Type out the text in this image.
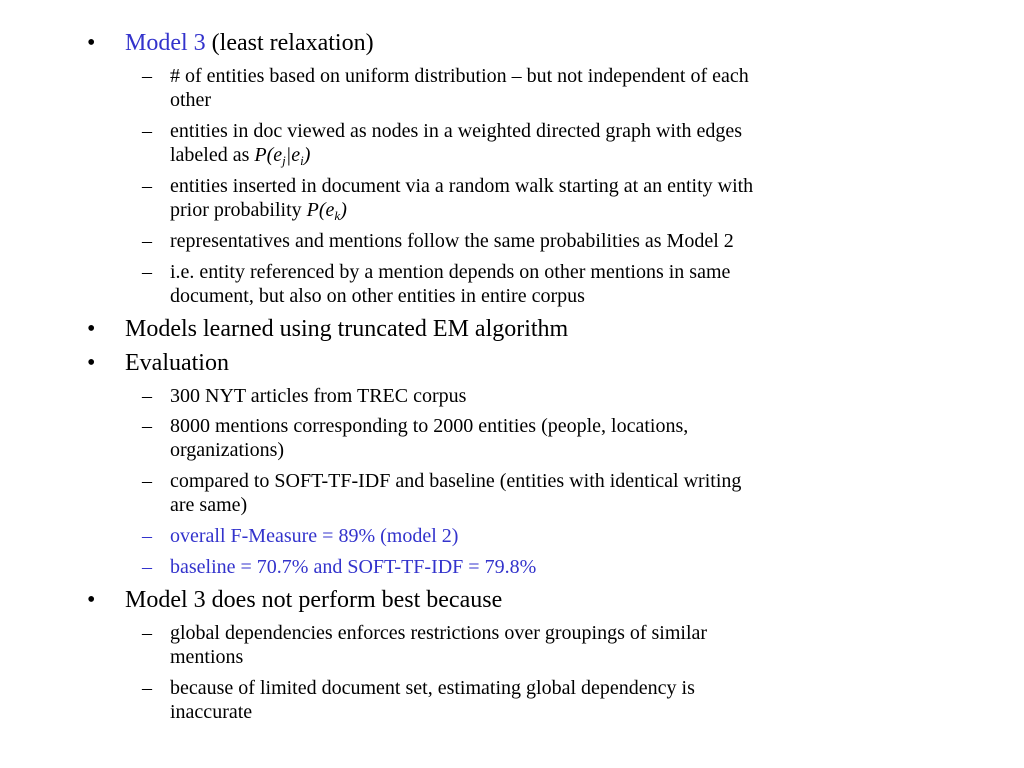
• Model 3 (least relaxation)
– # of entities based on uniform distribution – but not independent of each
other
– entities in doc viewed as nodes in a weighted directed graph with edges
labeled as $P(e_j|e_i)$
– entities inserted in document via a random walk starting at an entity with
prior probability $P(e_k)$
– representatives and mentions follow the same probabilities as Model 2
– i.e. entity referenced by a mention depends on other mentions in same
document, but also on other entities in entire corpus
• Models learned using truncated EM algorithm
• Evaluation
– 300 NYT articles from TREC corpus
– 8000 mentions corresponding to 2000 entities (people, locations,
organizations)
– compared to SOFT-TF-IDF and baseline (entities with identical writing
are same)
– overall F-Measure = 89% (model 2)
– baseline = 70.7% and SOFT-TF-IDF = 79.8%
• Model 3 does not perform best because
– global dependencies enforces restrictions over groupings of similar
mentions
– because of limited document set, estimating global dependency is
inaccurate
